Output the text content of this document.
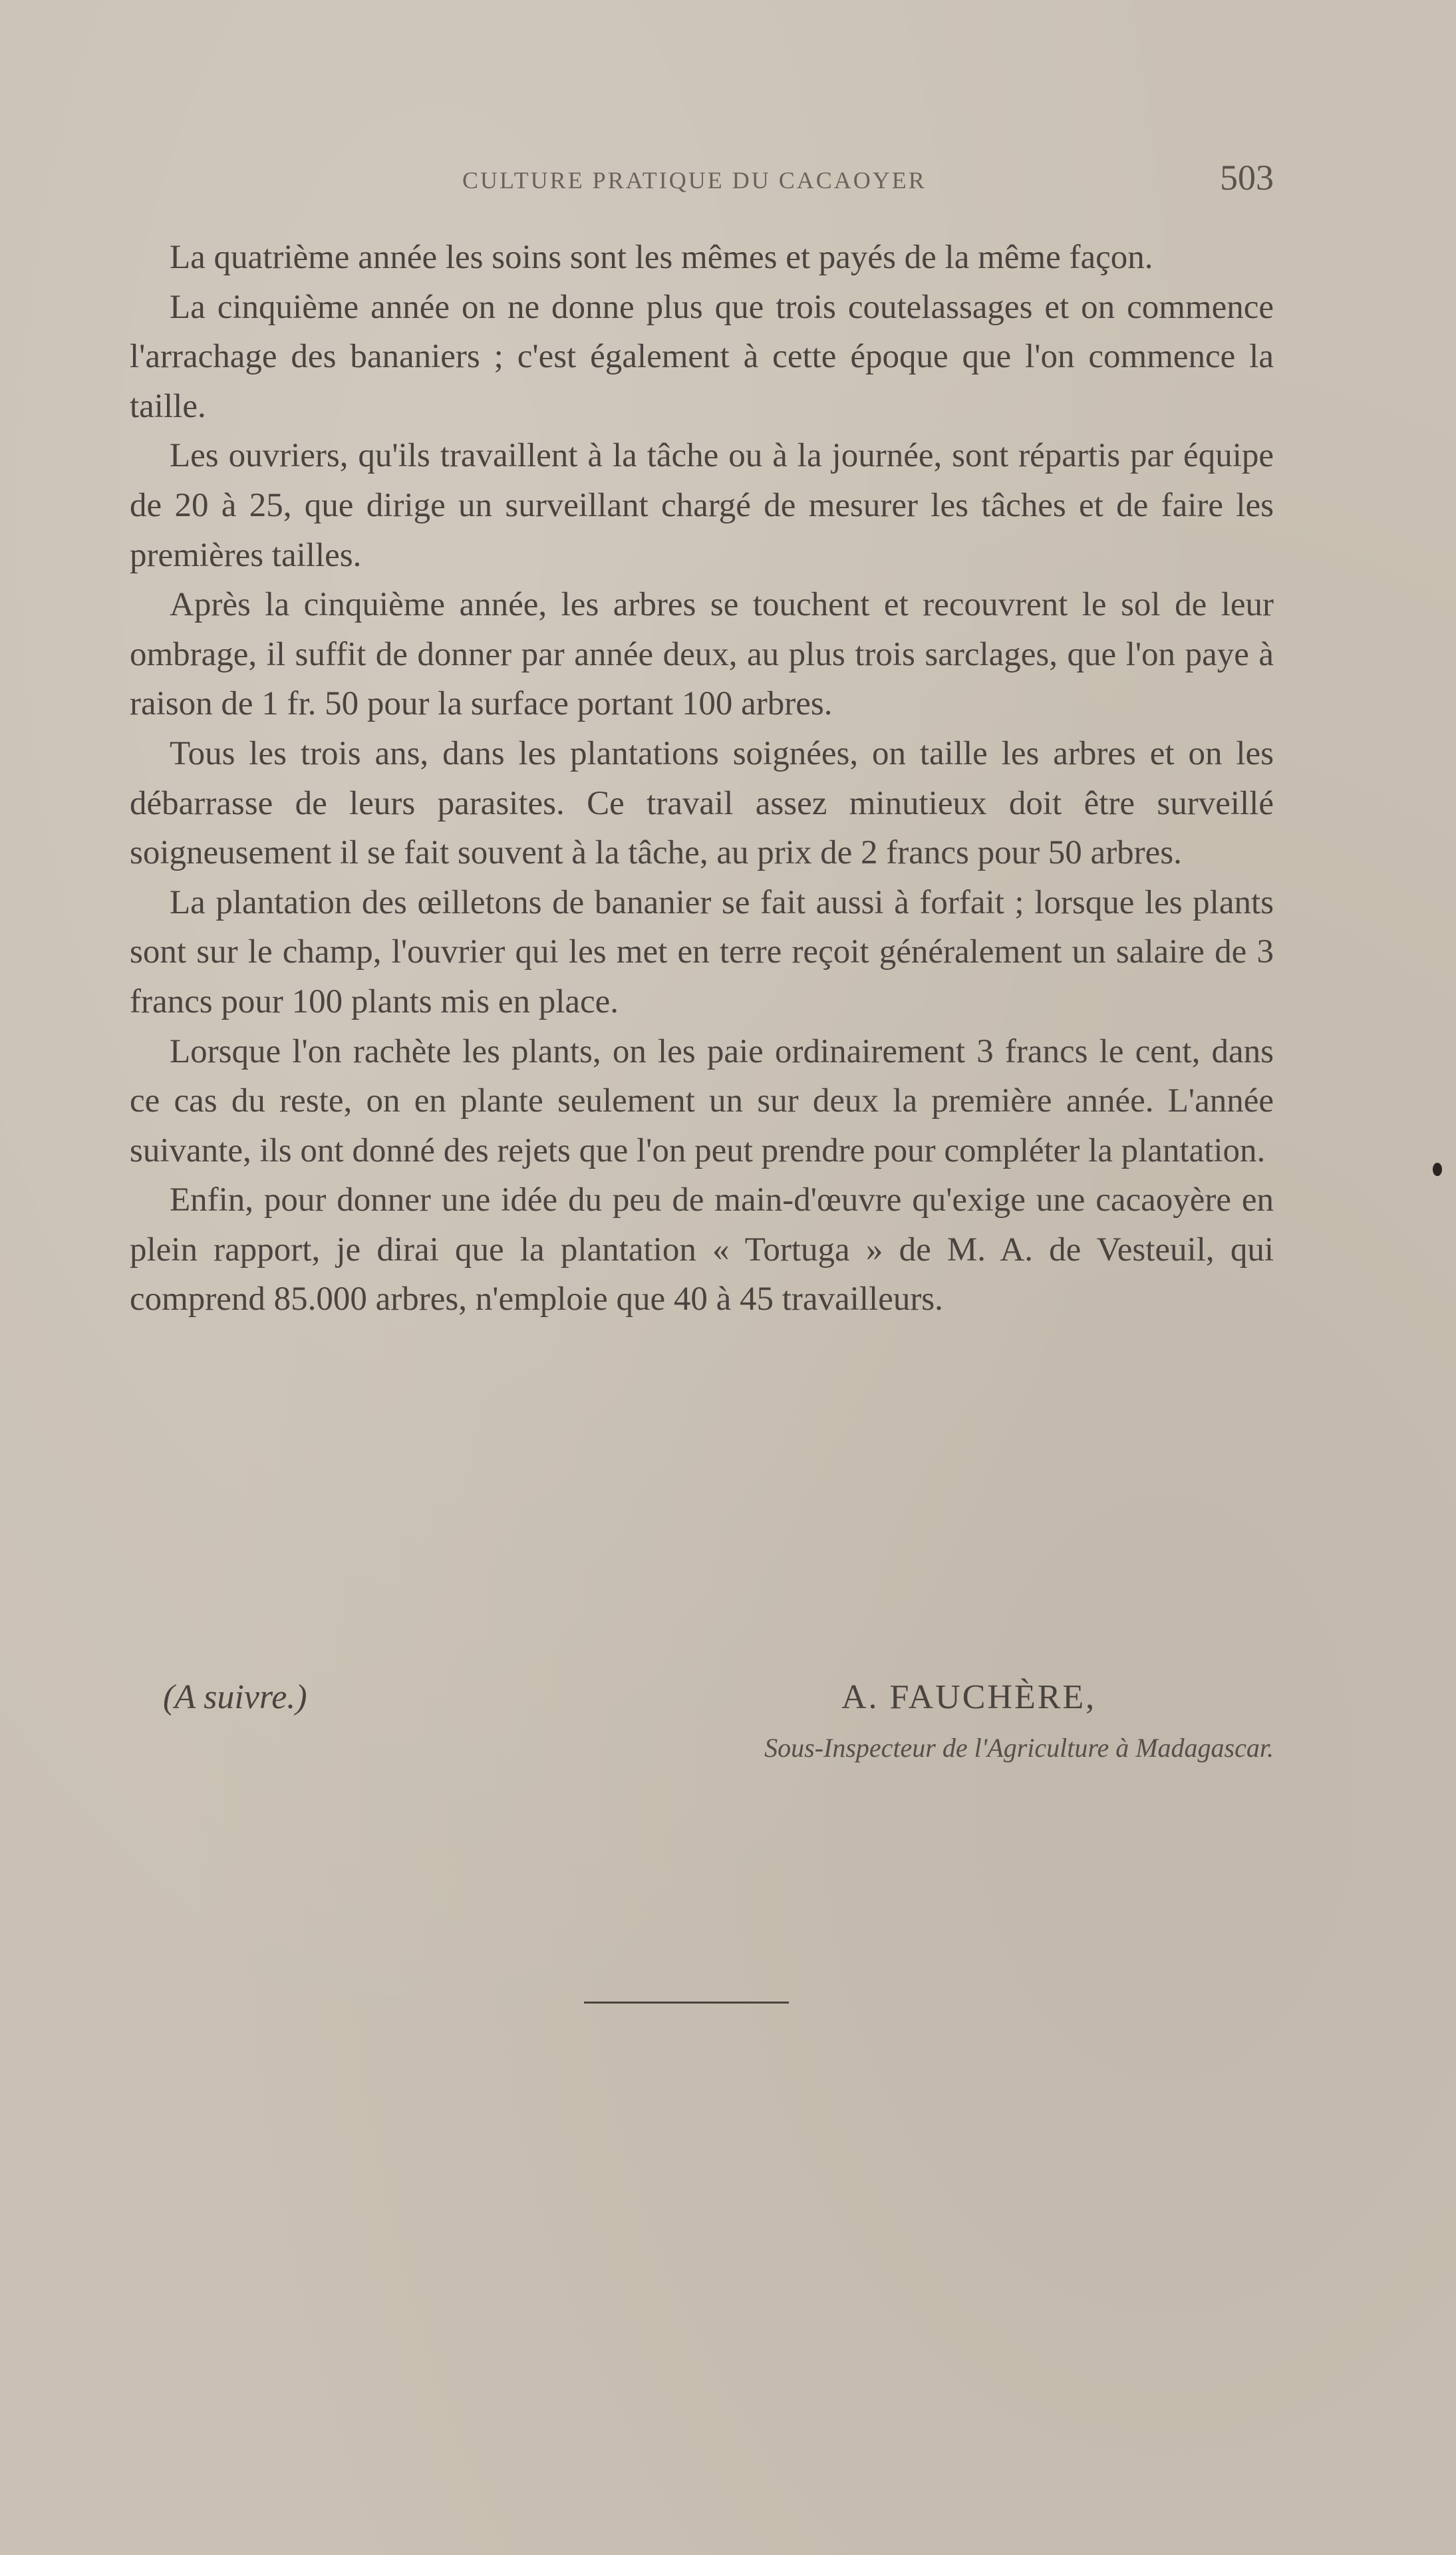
CULTURE PRATIQUE DU CACAOYER	503

La quatrième année les soins sont les mêmes et payés de la même façon.

La cinquième année on ne donne plus que trois coutelassages et on commence l'arrachage des bananiers ; c'est également à cette époque que l'on commence la taille.

Les ouvriers, qu'ils travaillent à la tâche ou à la journée, sont répartis par équipe de 20 à 25, que dirige un surveillant chargé de mesurer les tâches et de faire les premières tailles.

Après la cinquième année, les arbres se touchent et recouvrent le sol de leur ombrage, il suffit de donner par année deux, au plus trois sarclages, que l'on paye à raison de 1 fr. 50 pour la surface portant 100 arbres.

Tous les trois ans, dans les plantations soignées, on taille les arbres et on les débarrasse de leurs parasites. Ce travail assez minutieux doit être surveillé soigneusement il se fait souvent à la tâche, au prix de 2 francs pour 50 arbres.

La plantation des œilletons de bananier se fait aussi à forfait ; lorsque les plants sont sur le champ, l'ouvrier qui les met en terre reçoit généralement un salaire de 3 francs pour 100 plants mis en place.

Lorsque l'on rachète les plants, on les paie ordinairement 3 francs le cent, dans ce cas du reste, on en plante seulement un sur deux la première année. L'année suivante, ils ont donné des rejets que l'on peut prendre pour compléter la plantation.

Enfin, pour donner une idée du peu de main-d'œuvre qu'exige une cacaoyère en plein rapport, je dirai que la plantation « Tortuga » de M. A. de Vesteuil, qui comprend 85.000 arbres, n'emploie que 40 à 45 travailleurs.

(A suivre.)	A. FAUCHÈRE,
Sous-Inspecteur de l'Agriculture à Madagascar.
